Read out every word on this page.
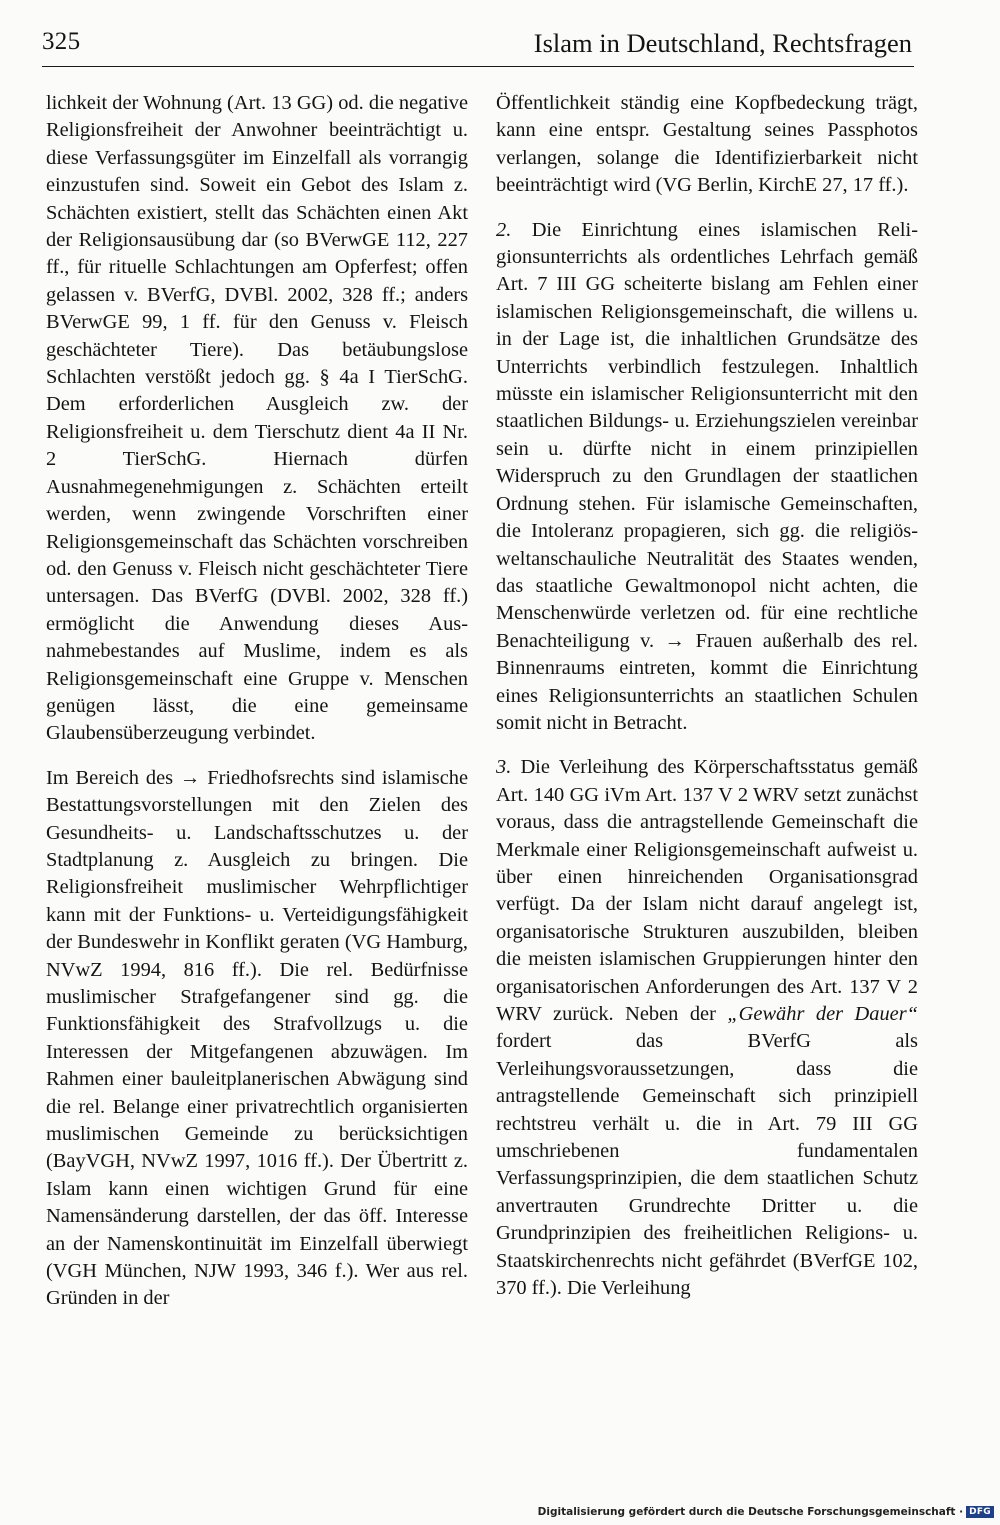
325	Islam in Deutschland, Rechtsfragen

lichkeit der Wohnung (Art. 13 GG) od. die negative Religionsfreiheit der Anwohner beeinträchtigt u. diese Verfassungsgüter im Einzelfall als vorrangig einzustufen sind. Soweit ein Gebot des Islam z. Schächten existiert, stellt das Schächten einen Akt der Religionsausübung dar (so BVerwGE 112, 227 ff., für rituelle Schlachtungen am Opferfest; offen gelassen v. BVerfG, DVBl. 2002, 328 ff.; anders BVerwGE 99, 1 ff. für den Genuss v. Fleisch geschächteter Tiere). Das betäubungslose Schlachten verstößt jedoch gg. § 4a I TierSchG. Dem erforderlichen Ausgleich zw. der Religionsfreiheit u. dem Tierschutz dient 4a II Nr. 2 TierSchG. Hiernach dürfen Ausnahmegenehmigungen z. Schächten erteilt werden, wenn zwingende Vorschriften einer Religionsgemeinschaft das Schächten vorschreiben od. den Genuss v. Fleisch nicht geschächteter Tiere untersagen. Das BVerfG (DVBl. 2002, 328 ff.) ermöglicht die Anwendung dieses Ausnahmebestandes auf Muslime, indem es als Religionsgemeinschaft eine Gruppe v. Menschen genügen lässt, die eine gemeinsame Glaubensüberzeugung verbindet.

Im Bereich des → Friedhofsrechts sind islamische Bestattungsvorstellungen mit den Zielen des Gesundheits- u. Landschaftsschutzes u. der Stadtplanung z. Ausgleich zu bringen. Die Religionsfreiheit muslimischer Wehrpflichtiger kann mit der Funktions- u. Verteidigungsfähigkeit der Bundeswehr in Konflikt geraten (VG Hamburg, NVwZ 1994, 816 ff.). Die rel. Bedürfnisse muslimischer Strafgefangener sind gg. die Funktionsfähigkeit des Strafvollzugs u. die Interessen der Mitgefangenen abzuwägen. Im Rahmen einer bauleitplanerischen Abwägung sind die rel. Belange einer privatrechtlich organisierten muslimischen Gemeinde zu berücksichtigen (BayVGH, NVwZ 1997, 1016 ff.). Der Übertritt z. Islam kann einen wichtigen Grund für eine Namensänderung darstellen, der das öff. Interesse an der Namenskontinuität im Einzelfall überwiegt (VGH München, NJW 1993, 346 f.). Wer aus rel. Gründen in der

Öffentlichkeit ständig eine Kopfbedeckung trägt, kann eine entspr. Gestaltung seines Passphotos verlangen, solange die Identifizierbarkeit nicht beeinträchtigt wird (VG Berlin, KirchE 27, 17 ff.).

2. Die Einrichtung eines islamischen Religionsunterrichts als ordentliches Lehrfach gemäß Art. 7 III GG scheiterte bislang am Fehlen einer islamischen Religionsgemeinschaft, die willens u. in der Lage ist, die inhaltlichen Grundsätze des Unterrichts verbindlich festzulegen. Inhaltlich müsste ein islamischer Religionsunterricht mit den staatlichen Bildungs- u. Erziehungszielen vereinbar sein u. dürfte nicht in einem prinzipiellen Widerspruch zu den Grundlagen der staatlichen Ordnung stehen. Für islamische Gemeinschaften, die Intoleranz propagieren, sich gg. die religiös-weltanschauliche Neutralität des Staates wenden, das staatliche Gewaltmonopol nicht achten, die Menschenwürde verletzen od. für eine rechtliche Benachteiligung v. → Frauen außerhalb des rel. Binnenraums eintreten, kommt die Einrichtung eines Religionsunterrichts an staatlichen Schulen somit nicht in Betracht.

3. Die Verleihung des Körperschaftsstatus gemäß Art. 140 GG iVm Art. 137 V 2 WRV setzt zunächst voraus, dass die antragstellende Gemeinschaft die Merkmale einer Religionsgemeinschaft aufweist u. über einen hinreichenden Organisationsgrad verfügt. Da der Islam nicht darauf angelegt ist, organisatorische Strukturen auszubilden, bleiben die meisten islamischen Gruppierungen hinter den organisatorischen Anforderungen des Art. 137 V 2 WRV zurück. Neben der „Gewähr der Dauer“ fordert das BVerfG als Verleihungsvoraussetzungen, dass die antragstellende Gemeinschaft sich prinzipiell rechtstreu verhält u. die in Art. 79 III GG umschriebenen fundamentalen Verfassungsprinzipien, die dem staatlichen Schutz anvertrauten Grundrechte Dritter u. die Grundprinzipien des freiheitlichen Religions- u. Staatskirchenrechts nicht gefährdet (BVerfGE 102, 370 ff.). Die Verleihung

Digitalisierung gefördert durch die Deutsche Forschungsgemeinschaft · DFG
